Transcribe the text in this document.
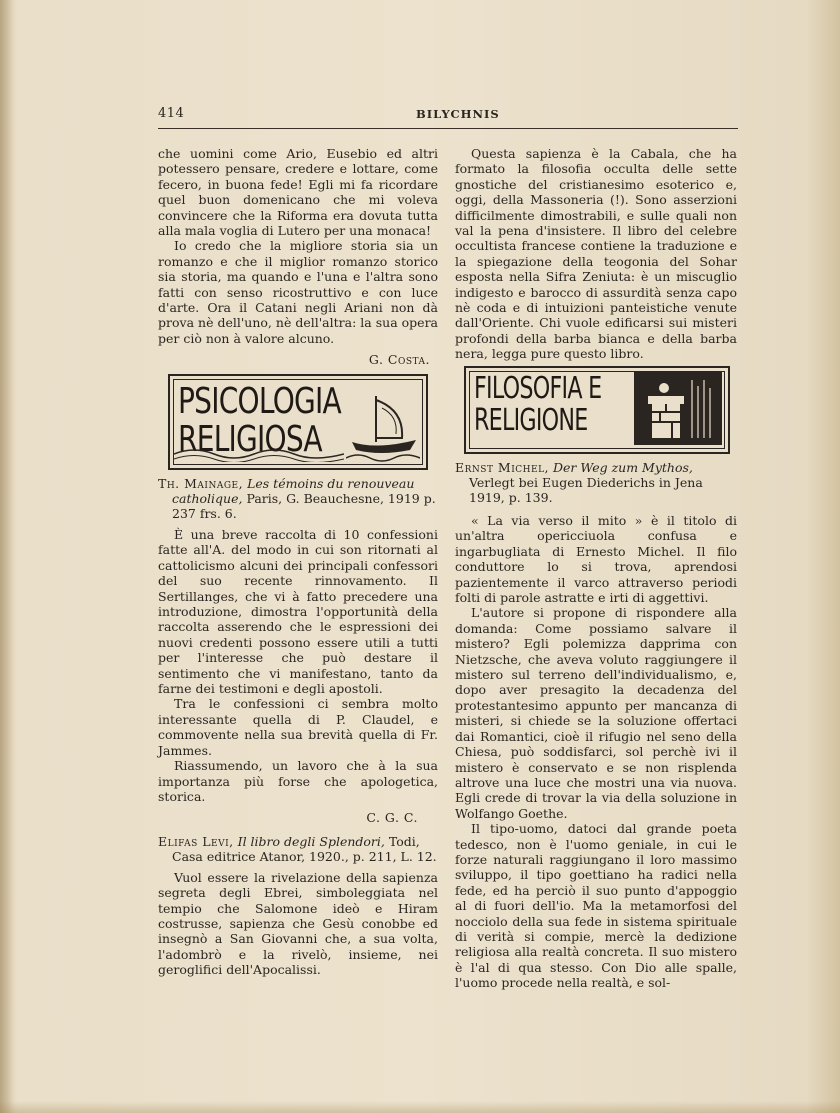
414	BILYCHNIS

che uomini come Ario, Eusebio ed altri potessero pensare, credere e lottare, come fecero, in buona fede! Egli mi fa ricordare quel buon domenicano che mi voleva convincere che la Riforma era dovuta tutta alla mala voglia di Lutero per una monaca!

Io credo che la migliore storia sia un romanzo e che il miglior romanzo storico sia storia, ma quando e l'una e l'altra sono fatti con senso ricostruttivo e con luce d'arte. Ora il Catani negli Ariani non dà prova nè dell'uno, nè dell'altra: la sua opera per ciò non à valore alcuno.

G. Costa.
PSICOLOGIA
RELIGIOSA

Th. Mainage, Les témoins du renouveau catholique, Paris, G. Beauchesne, 1919 p. 237 frs. 6.

È una breve raccolta di 10 confessioni fatte all'A. del modo in cui son ritornati al cattolicismo alcuni dei principali confessori del suo recente rinnovamento. Il Sertillanges, che vi à fatto precedere una introduzione, dimostra l'opportunità della raccolta asserendo che le espressioni dei nuovi credenti possono essere utili a tutti per l'interesse che può destare il sentimento che vi manifestano, tanto da farne dei testimoni e degli apostoli.

Tra le confessioni ci sembra molto interessante quella di P. Claudel, e commovente nella sua brevità quella di Fr. Jammes.

Riassumendo, un lavoro che à la sua importanza più forse che apologetica, storica.

C. G. C.

Elifas Levi, Il libro degli Splendori, Todi, Casa editrice Atanor, 1920., p. 211, L. 12.

Vuol essere la rivelazione della sapienza segreta degli Ebrei, simboleggiata nel tempio che Salomone ideò e Hiram costrusse, sapienza che Gesù conobbe ed insegnò a San Giovanni che, a sua volta, l'adombrò e la rivelò, insieme, nei geroglifici dell'Apocalissi.

Questa sapienza è la Cabala, che ha formato la filosofia occulta delle sette gnostiche del cristianesimo esoterico e, oggi, della Massoneria (!). Sono asserzioni difficilmente dimostrabili, e sulle quali non val la pena d'insistere. Il libro del celebre occultista francese contiene la traduzione e la spiegazione della teogonia del Sohar esposta nella Sifra Zeniuta: è un miscuglio indigesto e barocco di assurdità senza capo nè coda e di intuizioni panteistiche venute dall'Oriente. Chi vuole edificarsi sui misteri profondi della barba bianca e della barba nera, legga pure questo libro.

FILOSOFIA E
RELIGIONE

Ernst Michel, Der Weg zum Mythos, Verlegt bei Eugen Diederichs in Jena 1919, p. 139.

« La via verso il mito » è il titolo di un'altra opericciuola confusa e ingarbugliata di Ernesto Michel. Il filo conduttore lo si trova, aprendosi pazientemente il varco attraverso periodi folti di parole astratte e irti di aggettivi.

L'autore si propone di rispondere alla domanda: Come possiamo salvare il mistero? Egli polemizza dapprima con Nietzsche, che aveva voluto raggiungere il mistero sul terreno dell'individualismo, e, dopo aver presagito la decadenza del protestantesimo appunto per mancanza di misteri, si chiede se la soluzione offertaci dai Romantici, cioè il rifugio nel seno della Chiesa, può soddisfarci, sol perchè ivi il mistero è conservato e se non risplenda altrove una luce che mostri una via nuova. Egli crede di trovar la via della soluzione in Wolfango Goethe.

Il tipo-uomo, datoci dal grande poeta tedesco, non è l'uomo geniale, in cui le forze naturali raggiungano il loro massimo sviluppo, il tipo goettiano ha radici nella fede, ed ha perciò il suo punto d'appoggio al di fuori dell'io. Ma la metamorfosi del nocciolo della sua fede in sistema spirituale di verità si compie, mercè la dedizione religiosa alla realtà concreta. Il suo mistero è l'al di qua stesso. Con Dio alle spalle, l'uomo procede nella realtà, e sol-
